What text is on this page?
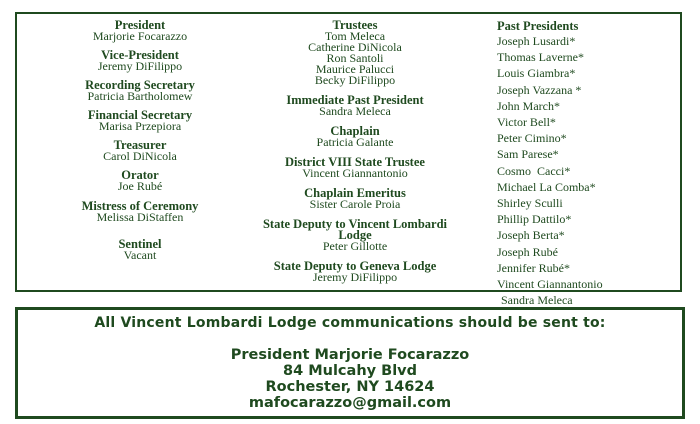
President
Marjorie Focarazzo
Vice-President
Jeremy DiFilippo
Recording Secretary
Patricia Bartholomew
Financial Secretary
Marisa Przepiora
Treasurer
Carol DiNicola
Orator
Joe Rubé
Mistress of Ceremony
Melissa DiStaffen
Sentinel
Vacant
Trustees
Tom Meleca
Catherine DiNicola
Ron Santoli
Maurice Palucci
Becky DiFilippo
Immediate Past President
Sandra Meleca
Chaplain
Patricia Galante
District VIII State Trustee
Vincent Giannantonio
Chaplain Emeritus
Sister Carole Proia
State Deputy to Vincent Lombardi Lodge
Peter Gillotte
State Deputy to Geneva Lodge
Jeremy DiFilippo
Past Presidents
Joseph Lusardi*
Thomas Laverne*
Louis Giambra*
Joseph Vazzana *
John March*
Victor Bell*
Peter Cimino*
Sam Parese*
Cosmo  Cacci*
Michael La Comba*
Shirley Sculli
Phillip Dattilo*
Joseph Berta*
Joseph Rubé
Jennifer Rubé*
Vincent Giannantonio
Sandra Meleca
All Vincent Lombardi Lodge communications should be sent to:
President Marjorie Focarazzo
84 Mulcahy Blvd
Rochester, NY 14624
mafocarazzo@gmail.com
